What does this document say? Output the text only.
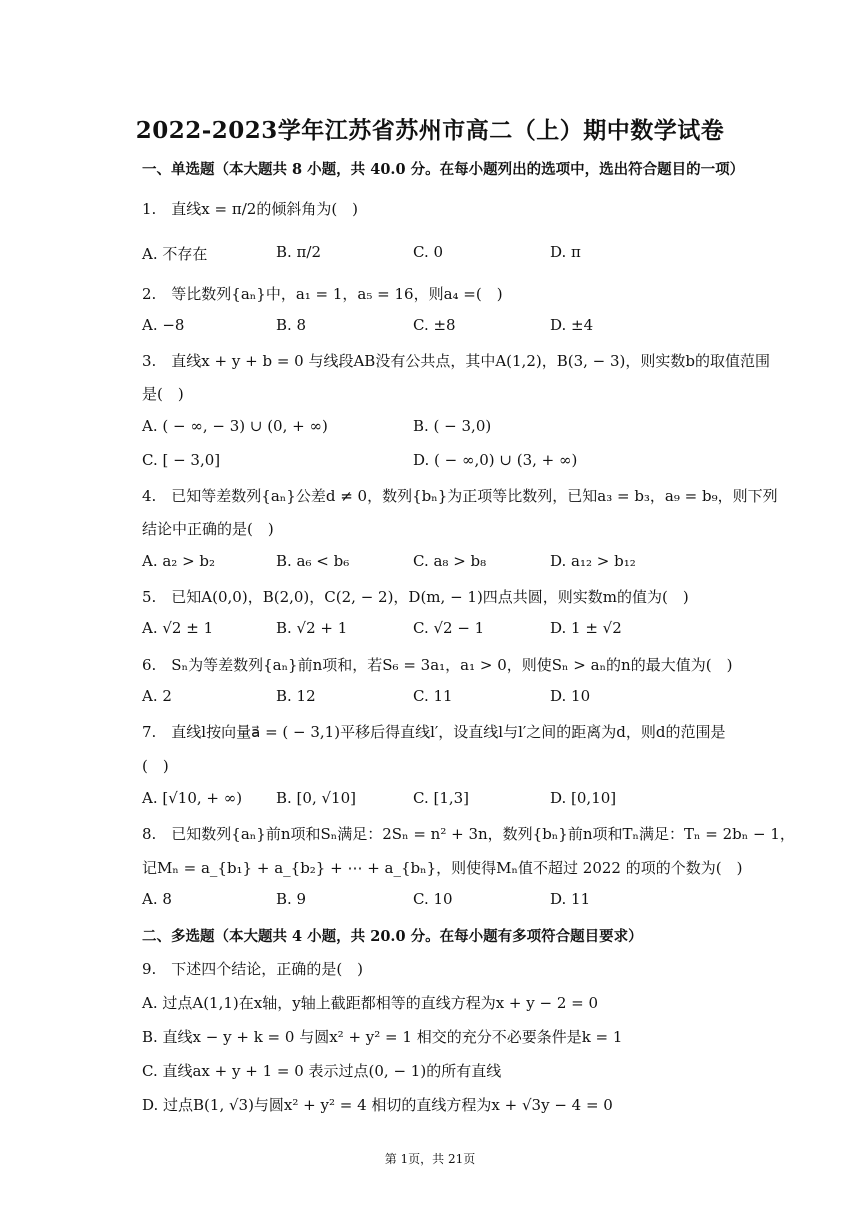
2022-2023学年江苏省苏州市高二（上）期中数学试卷
一、单选题（本大题共 8 小题，共 40.0 分。在每小题列出的选项中，选出符合题目的一项）
1.　直线x = π/2的倾斜角为(　)
A. 不存在	B. π/2	C. 0	D. π
2.　等比数列{aₙ}中，a₁ = 1，a₅ = 16，则a₄ =(　)
A. −8	B. 8	C. ±8	D. ±4
3.　直线x + y + b = 0 与线段AB没有公共点，其中A(1,2)，B(3, − 3)，则实数b的取值范围
是(　)
A. ( − ∞, − 3) ∪ (0, + ∞)	B. ( − 3,0)
C. [ − 3,0]	D. ( − ∞,0) ∪ (3, + ∞)
4.　已知等差数列{aₙ}公差d ≠ 0，数列{bₙ}为正项等比数列，已知a₃ = b₃，a₉ = b₉，则下列
结论中正确的是(　)
A. a₂ > b₂	B. a₆ < b₆	C. a₈ > b₈	D. a₁₂ > b₁₂
5.　已知A(0,0)，B(2,0)，C(2, − 2)，D(m, − 1)四点共圆，则实数m的值为(　)
A. √2 ± 1	B. √2 + 1	C. √2 − 1	D. 1 ± √2
6.　Sₙ为等差数列{aₙ}前n项和，若S₆ = 3a₁，a₁ > 0，则使Sₙ > aₙ的n的最大值为(　)
A. 2	B. 12	C. 11	D. 10
7.　直线l按向量a⃗ = ( − 3,1)平移后得直线l′，设直线l与l′之间的距离为d，则d的范围是
(　)
A. [√10, + ∞) B. [0, √10]	C. [1,3]	D. [0,10]
8.　已知数列{aₙ}前n项和Sₙ满足：2Sₙ = n² + 3n，数列{bₙ}前n项和Tₙ满足：Tₙ = 2bₙ − 1，
记Mₙ = a_{b₁} + a_{b₂} + ⋯ + a_{bₙ}，则使得Mₙ值不超过 2022 的项的个数为(　)
A. 8	B. 9	C. 10	D. 11
二、多选题（本大题共 4 小题，共 20.0 分。在每小题有多项符合题目要求）
9.　下述四个结论，正确的是(　)
A. 过点A(1,1)在x轴，y轴上截距都相等的直线方程为x + y − 2 = 0
B. 直线x − y + k = 0 与圆x² + y² = 1 相交的充分不必要条件是k = 1
C. 直线ax + y + 1 = 0 表示过点(0, − 1)的所有直线
D. 过点B(1, √3)与圆x² + y² = 4 相切的直线方程为x + √3y − 4 = 0
第 1页，共 21页
